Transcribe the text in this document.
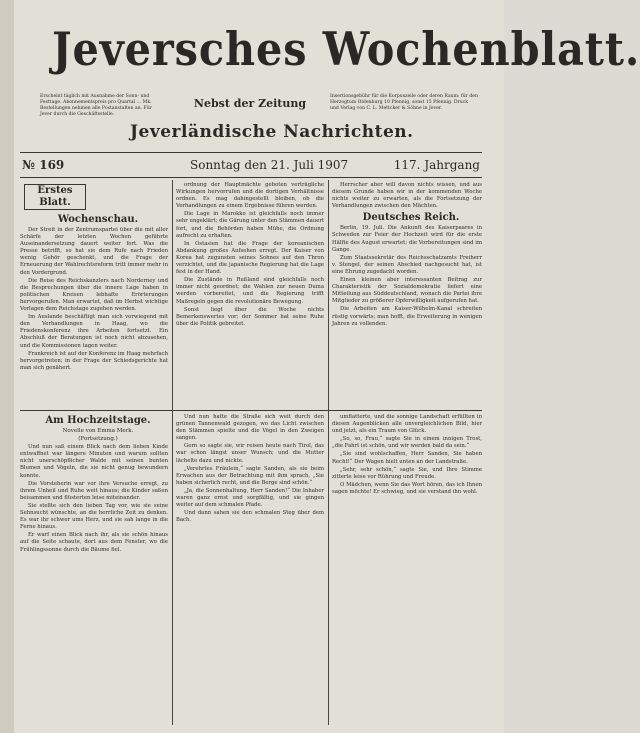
Jeversches Wochenblatt.
Erscheint täglich mit Ausnahme der Sonn- und Festtage. Abonnementspreis pro Quartal … Mk. Bestellungen nehmen alle Postanstalten an. Für Jever durch die Geschäftsstelle.
Nebst der Zeitung
Insertionsgebühr für die Korpuszeile oder deren Raum: für den Herzogtum Oldenburg 10 Pfennig, sonst 15 Pfennig. Druck und Verlag von C. L. Mettcker & Söhne in Jever.
Jeverländische Nachrichten.
№ 169	Sonntag den 21. Juli 1907	117. Jahrgang
Erstes Blatt.

Wochenschau.

Der Streit in der Zentrumspartei über die mit aller Schärfe der letzten Wochen geführte Auseinandersetzung dauert weiter fort. Was die Presse betrifft, so hat sie dem Rufe nach Frieden wenig Gehör geschenkt, und die Frage der Erneuerung der Wahlrechtsreform tritt immer mehr in den Vordergrund.

Die Reise des Reichskanzlers nach Norderney und die Besprechungen über die innere Lage haben in politischen Kreisen lebhafte Erörterungen hervorgerufen. Man erwartet, daß im Herbst wichtige Vorlagen dem Reichstage zugehen werden.

Im Auslande beschäftigt man sich vorwiegend mit den Verhandlungen in Haag, wo die Friedenskonferenz ihre Arbeiten fortsetzt. Ein Abschluß der Beratungen ist noch nicht abzusehen, und die Kommissionen tagen weiter.

Frankreich ist auf der Konferenz im Haag mehrfach hervorgetreten; in der Frage der Schiedsgerichte hat man sich genähert.

ordnung der Hauptmächte geboten verträgliche Wirkungen hervorrufen und die dortigen Verhältnisse ordnen. Es mag dahingestellt bleiben, ob die Verhandlungen zu einem Ergebnisse führen werden.

Die Lage in Marokko ist gleichfalls noch immer sehr ungeklärt; die Gärung unter den Stämmen dauert fort, und die Behörden haben Mühe, die Ordnung aufrecht zu erhalten.

In Ostasien hat die Frage der koreanischen Abdankung großes Aufsehen erregt. Der Kaiser von Korea hat zugunsten seines Sohnes auf den Thron verzichtet, und die japanische Regierung hat die Lage fest in der Hand.

Die Zustände in Rußland sind gleichfalls noch immer nicht geordnet; die Wahlen zur neuen Duma werden vorbereitet, und die Regierung trifft Maßregeln gegen die revolutionäre Bewegung.

Sonst liegt über die Woche nichts Bemerkenswertes vor; der Sommer hat seine Ruhe über die Politik gebreitet.

Herrscher aber will davon nichts wissen, und aus diesem Grunde haben wir in der kommenden Woche nichts weiter zu erwarten, als die Fortsetzung der Verhandlungen zwischen den Mächten.

Deutsches Reich.

Berlin, 19. Juli. Die Ankunft des Kaiserpaares in Schweden zur Feier der Hochzeit wird für die erste Hälfte des August erwartet; die Vorbereitungen sind im Gange.

Zum Staatssekretär des Reichsschatzamts Freiherr v. Stengel, der seinen Abschied nachgesucht hat, ist eine Ehrung zugedacht worden.

Einen kleinen aber interessanten Beitrag zur Charakteristik der Sozialdemokratie liefert eine Mitteilung aus Süddeutschland, wonach die Partei ihre Mitglieder zu größerer Opferwilligkeit aufgerufen hat.

Die Arbeiten am Kaiser-Wilhelm-Kanal schreiten rüstig vorwärts; man hofft, die Erweiterung in wenigen Jahren zu vollenden.

Am Hochzeitstage.

Novelle von Emma Merk.

(Fortsetzung.)

Und nun saß einem Blick nach dem lieben Kinde entwaffnet war längere Minuten und warum sollten nicht unerschöpflicher Walde mit seinen bunten Blumen und Vögeln, die sie nicht genug bewundern konnte.

Die Vorsteherin war vor ihre Versuche erregt, zu ihrem Unheil und Ruhe weit hinaus; die Kinder saßen beisammen und flüsterten leise miteinander.

Sie stellte sich den lieben Tag vor, wie sie seine Sehnsucht wünschte, an die herrliche Zeit zu denken. Es war ihr schwer ums Herz, und sie sah lange in die Ferne hinaus.

Er warf einen Blick nach ihr, als sie schön hinaus auf die Seite schaute, dort aus dem Fenster, wo die Frühlingssonne durch die Bäume fiel.

Und nun hatte die Straße sich weit durch den grünen Tannenwald gezogen, wo das Licht zwischen den Stämmen spielte und die Vögel in den Zweigen sangen.

Gern so sagte sie, wir reisen heute nach Tirol, das war schon längst unser Wunsch; und die Mutter lächelte dazu und nickte.

„Verehrtes Fräulein,“ sagte Sanden, als sie beim Erwachen aus der Betrachtung mit ihm sprach, „Sie haben sicherlich recht, und die Berge sind schön.“

„Ja, die Sonnenhaltung, Herr Sanden!“ Die Inhaber waren ganz ernst und sorgfältig, und sie gingen weiter auf dem schmalen Pfade.

Und dann sahen sie den schmalen Steg über dem Bach.

umflatterte, und die sonnige Landschaft erfüllten in diesen Augenblicken alle unvergleichlichen Bild, hier und jetzt, als ein Traum von Glück.

„So, so, Frau,“ sagte Sie in einem innigen Trost, „die Fahrt ist schön, und wir werden bald da sein.“

„Sie sind wohlschaffen, Herr Sanden, Sie haben Recht!“ Der Wagen hielt unten an der Landstraße.

„Sehr, sehr schön,“ sagte Sie, und Ihre Stimme zitterte leise vor Rührung und Freude.

O Mädchen, wenn Sie das Wort hören, das ich Ihnen sagen möchte! Er schwieg, und sie verstand ihn wohl.
